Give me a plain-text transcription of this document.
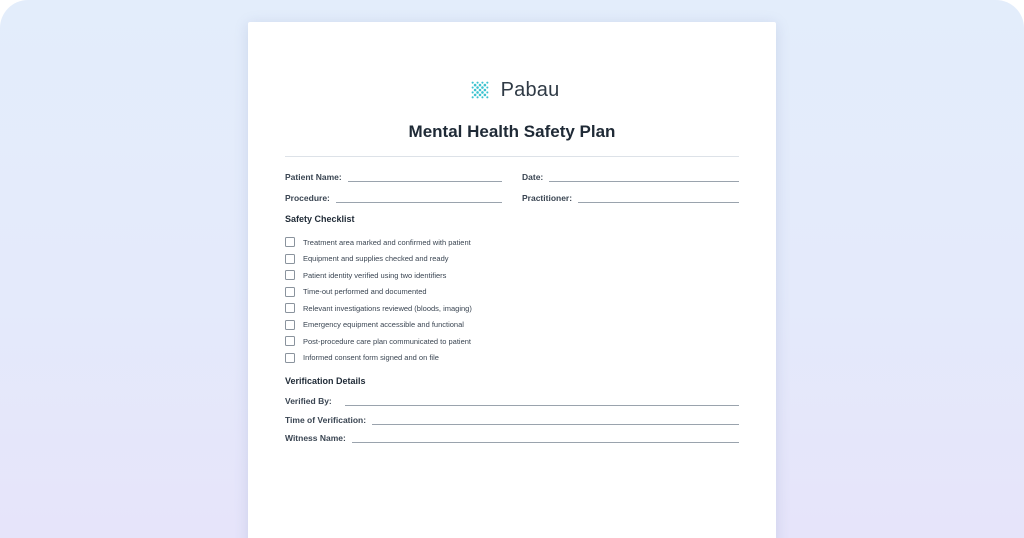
Pabau
Mental Health Safety Plan
Patient Name:	Date:
Procedure:	Practitioner:
Safety Checklist
Treatment area marked and confirmed with patient
Equipment and supplies checked and ready
Patient identity verified using two identifiers
Time-out performed and documented
Relevant investigations reviewed (bloods, imaging)
Emergency equipment accessible and functional
Post-procedure care plan communicated to patient
Informed consent form signed and on file
Verification Details
Verified By:
Time of Verification:
Witness Name:
